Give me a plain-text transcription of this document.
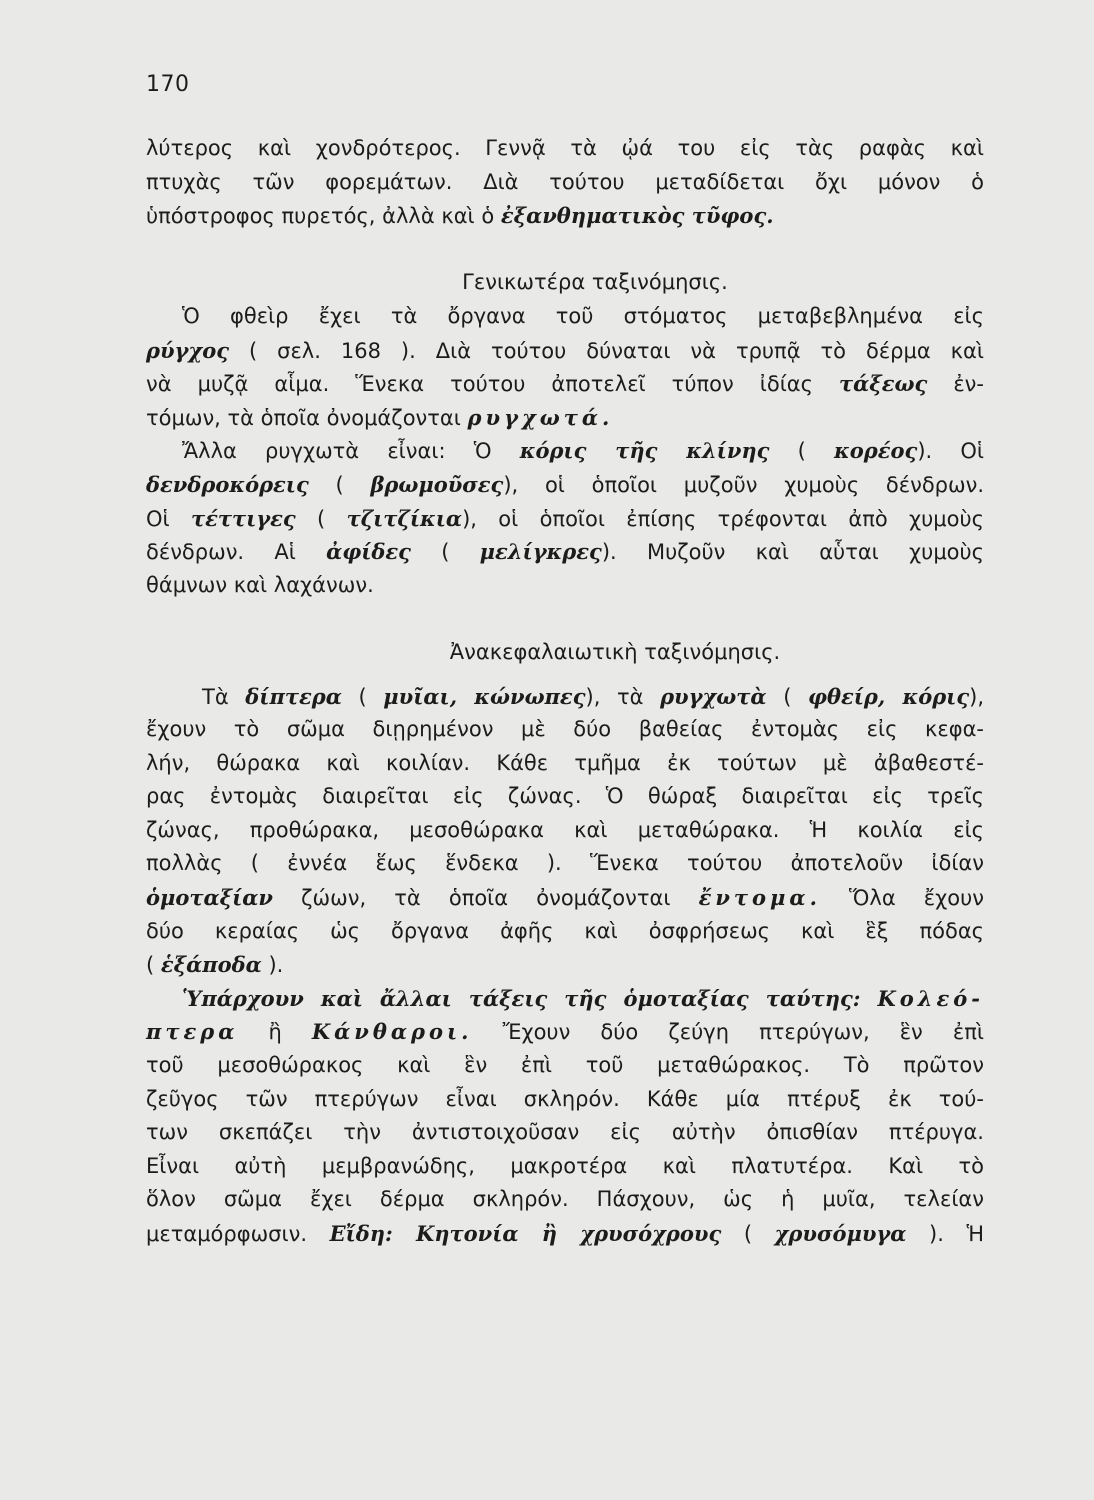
170
λύτερος καὶ χονδρότερος. Γεννᾷ τὰ ᾠά του εἰς τὰς ραφὰς καὶ
πτυχὰς τῶν φορεμάτων. Διὰ τούτου μεταδίδεται ὄχι μόνον ὁ
ὑπόστροφος πυρετός, ἀλλὰ καὶ ὁ ἐξανθηματικὸς τῦφος.
Γενικωτέρα ταξινόμησις.
Ὁ φθεὶρ ἔχει τὰ ὄργανα τοῦ στόματος μεταβεβλημένα εἰς
ρύγχος ( σελ. 168 ). Διὰ τούτου δύναται νὰ τρυπᾷ τὸ δέρμα καὶ
νὰ μυζᾷ αἷμα. Ἕνεκα τούτου ἀποτελεῖ τύπον ἰδίας τάξεως ἐν-
τόμων, τὰ ὁποῖα ὀνομάζονται ρυγχωτά.
Ἄλλα ρυγχωτὰ εἶναι: Ὁ κόρις τῆς κλίνης ( κορέος). Οἱ
δενδροκόρεις ( βρωμοῦσες), οἱ ὁποῖοι μυζοῦν χυμοὺς δένδρων.
Οἱ τέττιγες ( τζιτζίκια), οἱ ὁποῖοι ἐπίσης τρέφονται ἀπὸ χυμοὺς
δένδρων. Αἱ ἀφίδες ( μελίγκρες). Μυζοῦν καὶ αὗται χυμοὺς
θάμνων καὶ λαχάνων.
Ἀνακεφαλαιωτικὴ ταξινόμησις.
Τὰ δίπτερα ( μυῖαι, κώνωπες), τὰ ρυγχωτὰ ( φθείρ, κόρις),
ἔχουν τὸ σῶμα διῃρημένον μὲ δύο βαθείας ἐντομὰς εἰς κεφα-
λήν, θώρακα καὶ κοιλίαν. Κάθε τμῆμα ἐκ τούτων μὲ ἀβαθεστέ-
ρας ἐντομὰς διαιρεῖται εἰς ζώνας. Ὁ θώραξ διαιρεῖται εἰς τρεῖς
ζώνας, προθώρακα, μεσοθώρακα καὶ μεταθώρακα. Ἡ κοιλία εἰς
πολλὰς ( ἐννέα ἕως ἕνδεκα ). Ἕνεκα τούτου ἀποτελοῦν ἰδίαν
ὁμοταξίαν ζώων, τὰ ὁποῖα ὀνομάζονται ἔντομα. Ὅλα ἔχουν
δύο κεραίας ὡς ὄργανα ἀφῆς καὶ ὀσφρήσεως καὶ ἓξ πόδας
( ἑξάποδα ).
Ὑπάρχουν καὶ ἄλλαι τάξεις τῆς ὁμοταξίας ταύτης: Κολεό-
πτερα ἢ Κάνθαροι. Ἔχουν δύο ζεύγη πτερύγων, ἓν ἐπὶ
τοῦ μεσοθώρακος καὶ ἓν ἐπὶ τοῦ μεταθώρακος. Τὸ πρῶτον
ζεῦγος τῶν πτερύγων εἶναι σκληρόν. Κάθε μία πτέρυξ ἐκ τού-
των σκεπάζει τὴν ἀντιστοιχοῦσαν εἰς αὐτὴν ὀπισθίαν πτέρυγα.
Εἶναι αὐτὴ μεμβρανώδης, μακροτέρα καὶ πλατυτέρα. Καὶ τὸ
ὅλον σῶμα ἔχει δέρμα σκληρόν. Πάσχουν, ὡς ἡ μυῖα, τελείαν
μεταμόρφωσιν. Εἴδη: Κητονία ἢ χρυσόχρους ( χρυσόμυγα ). Ἡ
